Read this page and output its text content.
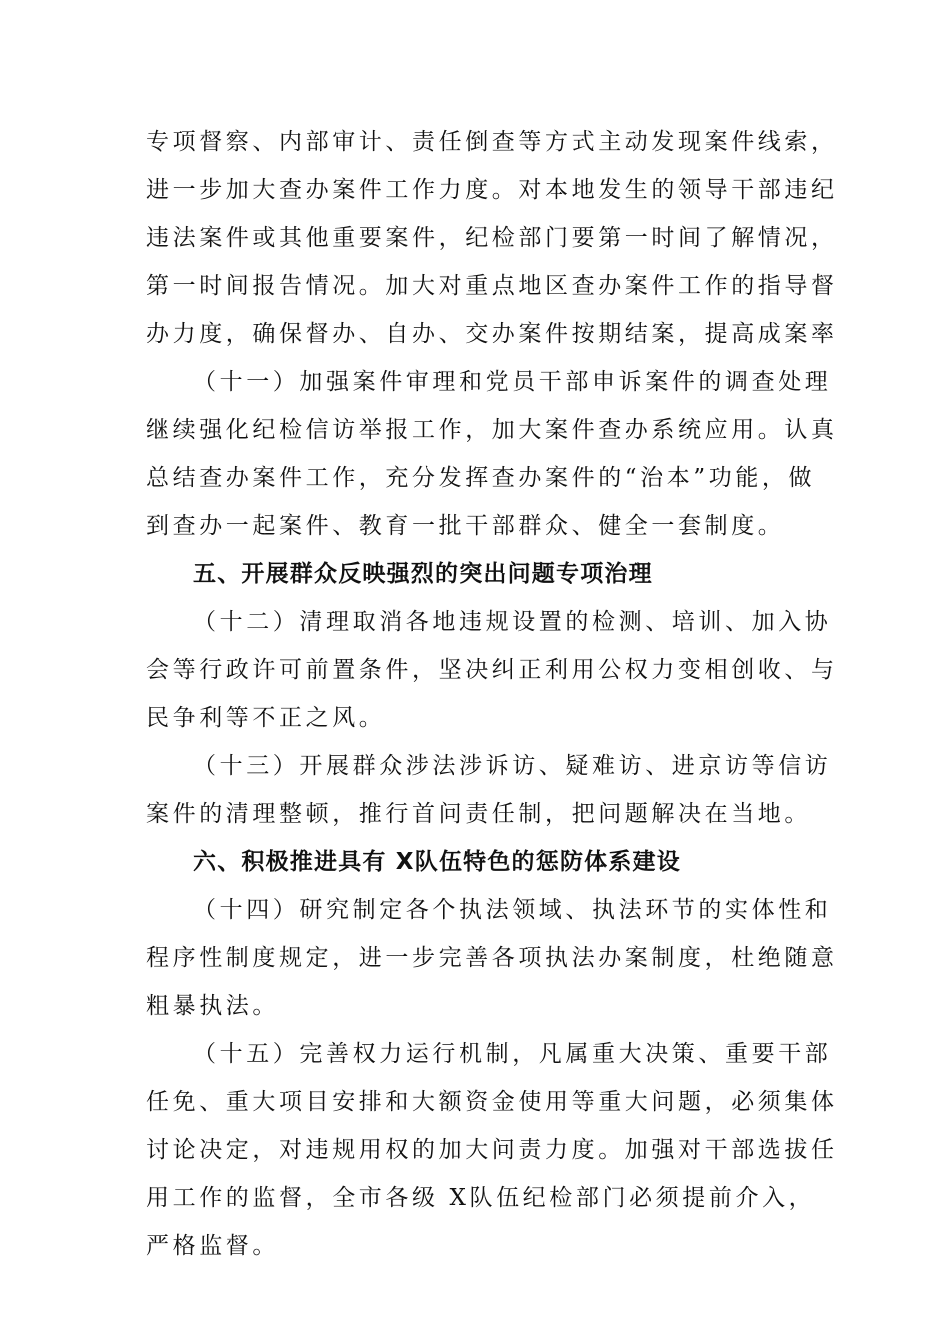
专项督察、内部审计、责任倒查等方式主动发现案件线索，
进一步加大查办案件工作力度。对本地发生的领导干部违纪
违法案件或其他重要案件，纪检部门要第一时间了解情况，
第一时间报告情况。加大对重点地区查办案件工作的指导督
办力度，确保督办、自办、交办案件按期结案，提高成案率
（十一）加强案件审理和党员干部申诉案件的调查处理
继续强化纪检信访举报工作，加大案件查办系统应用。认真
总结查办案件工作，充分发挥查办案件的“治本”功能，做
到查办一起案件、教育一批干部群众、健全一套制度。
五、开展群众反映强烈的突出问题专项治理
（十二）清理取消各地违规设置的检测、培训、加入协
会等行政许可前置条件，坚决纠正利用公权力变相创收、与
民争利等不正之风。
（十三）开展群众涉法涉诉访、疑难访、进京访等信访
案件的清理整顿，推行首问责任制，把问题解决在当地。
六、积极推进具有 X队伍特色的惩防体系建设
（十四）研究制定各个执法领域、执法环节的实体性和
程序性制度规定，进一步完善各项执法办案制度，杜绝随意
粗暴执法。
（十五）完善权力运行机制，凡属重大决策、重要干部
任免、重大项目安排和大额资金使用等重大问题，必须集体
讨论决定，对违规用权的加大问责力度。加强对干部选拔任
用工作的监督，全市各级 X队伍纪检部门必须提前介入，
严格监督。
